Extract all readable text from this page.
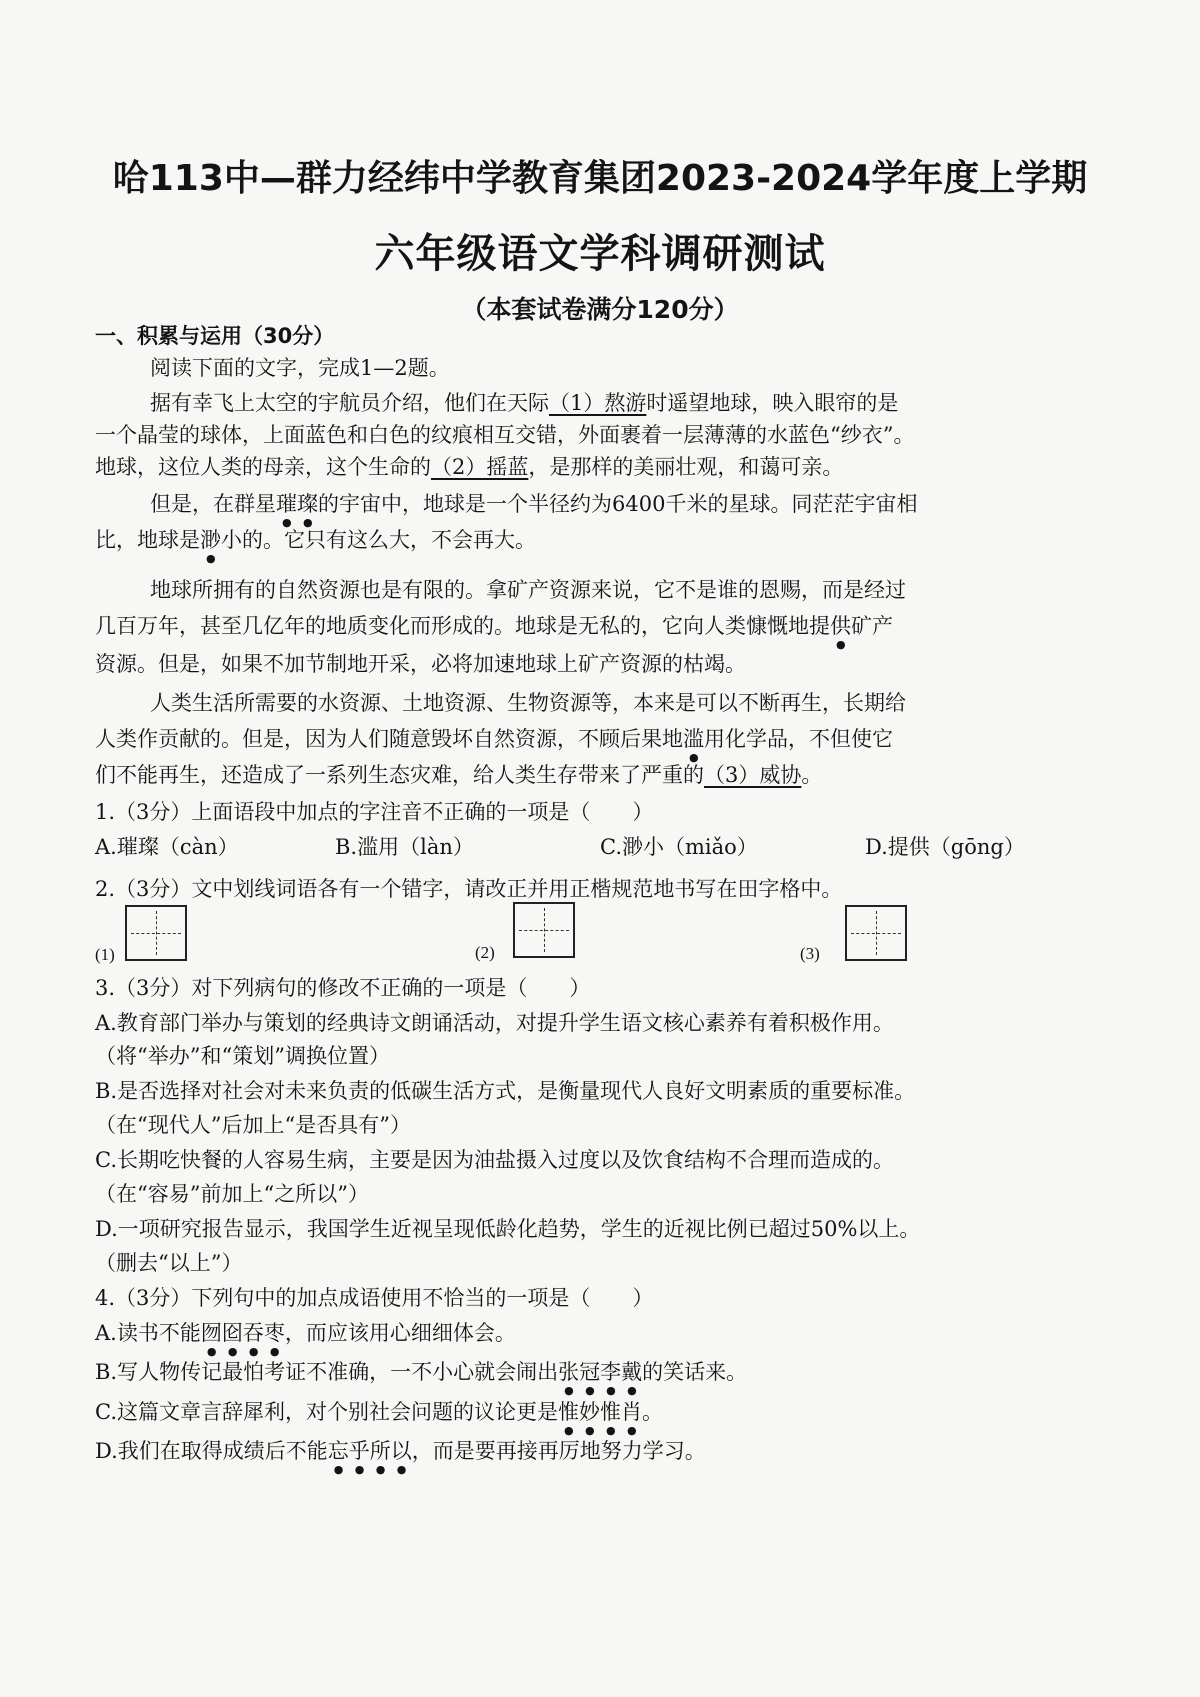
哈113中—群力经纬中学教育集团2023-2024学年度上学期
六年级语文学科调研测试
（本套试卷满分120分）
一、积累与运用（30分）
阅读下面的文字，完成1—2题。
据有幸飞上太空的宇航员介绍，他们在天际（1）熬游时遥望地球，映入眼帘的是
一个晶莹的球体，上面蓝色和白色的纹痕相互交错，外面裹着一层薄薄的水蓝色“纱衣”。
地球，这位人类的母亲，这个生命的（2）摇蓝，是那样的美丽壮观，和蔼可亲。
但是，在群星璀璨的宇宙中，地球是一个半径约为6400千米的星球。同茫茫宇宙相
比，地球是渺小的。它只有这么大，不会再大。
地球所拥有的自然资源也是有限的。拿矿产资源来说，它不是谁的恩赐，而是经过
几百万年，甚至几亿年的地质变化而形成的。地球是无私的，它向人类慷慨地提供矿产
资源。但是，如果不加节制地开采，必将加速地球上矿产资源的枯竭。
人类生活所需要的水资源、土地资源、生物资源等，本来是可以不断再生，长期给
人类作贡献的。但是，因为人们随意毁坏自然资源，不顾后果地滥用化学品，不但使它
们不能再生，还造成了一系列生态灾难，给人类生存带来了严重的（3）威协。
1.（3分）上面语段中加点的字注音不正确的一项是（　　）
A.璀璨（càn）	B.滥用（làn）	C.渺小（miǎo）	D.提供（gōng）
2.（3分）文中划线词语各有一个错字，请改正并用正楷规范地书写在田字格中。
(1)	(2)	(3)
3.（3分）对下列病句的修改不正确的一项是（　　）
A.教育部门举办与策划的经典诗文朗诵活动，对提升学生语文核心素养有着积极作用。
（将“举办”和“策划”调换位置）
B.是否选择对社会对未来负责的低碳生活方式，是衡量现代人良好文明素质的重要标准。
（在“现代人”后加上“是否具有”）
C.长期吃快餐的人容易生病，主要是因为油盐摄入过度以及饮食结构不合理而造成的。
（在“容易”前加上“之所以”）
D.一项研究报告显示，我国学生近视呈现低龄化趋势，学生的近视比例已超过50%以上。
（删去“以上”）
4.（3分）下列句中的加点成语使用不恰当的一项是（　　）
A.读书不能囫囵吞枣，而应该用心细细体会。
B.写人物传记最怕考证不准确，一不小心就会闹出张冠李戴的笑话来。
C.这篇文章言辞犀利，对个别社会问题的议论更是惟妙惟肖。
D.我们在取得成绩后不能忘乎所以，而是要再接再厉地努力学习。
